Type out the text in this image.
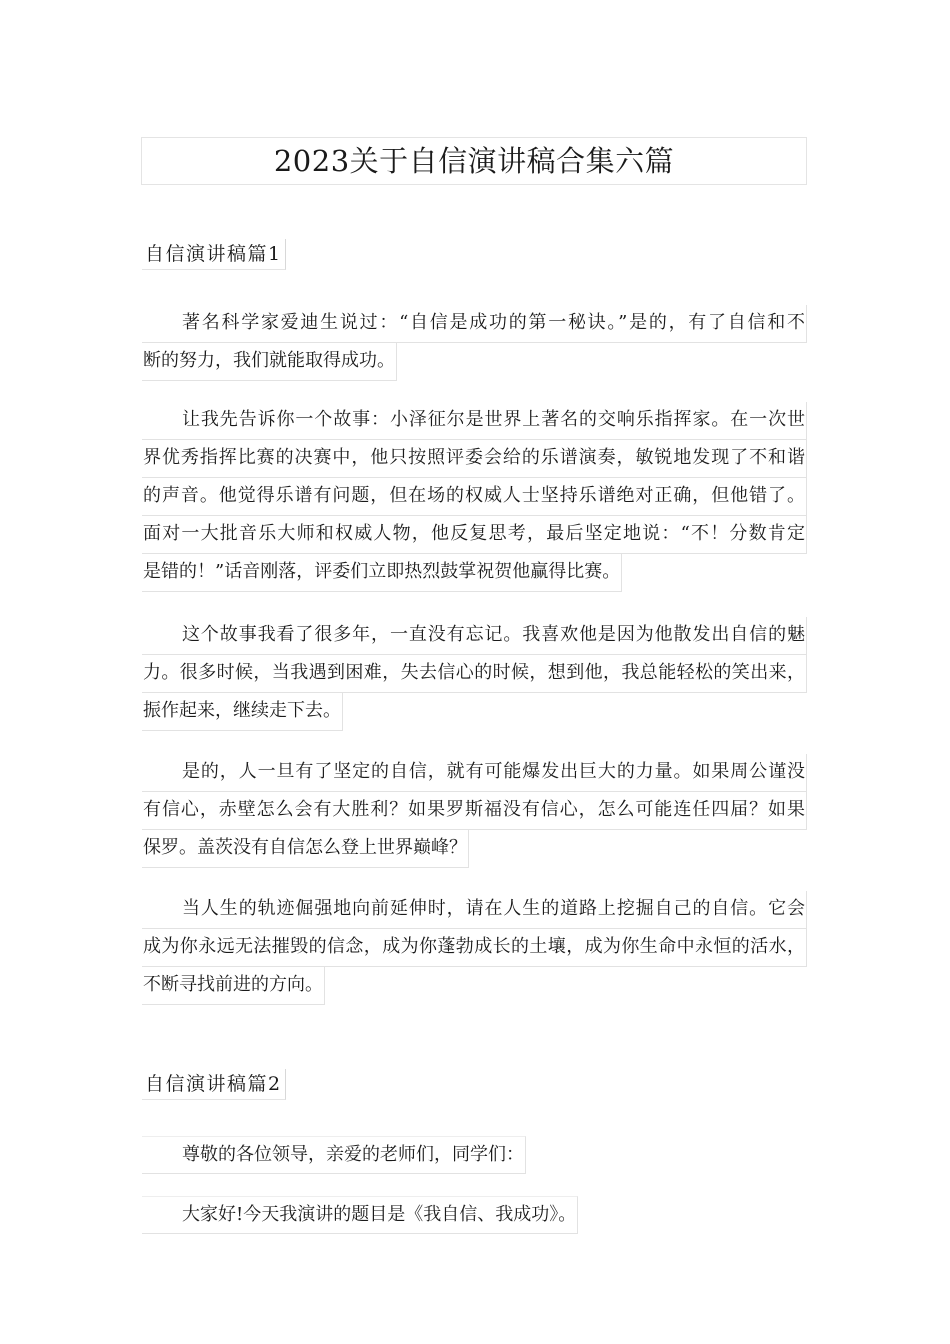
2023关于自信演讲稿合集六篇
自信演讲稿篇1
著名科学家爱迪生说过：“自信是成功的第一秘诀。”是的，有了自信和不
断的努力，我们就能取得成功。
让我先告诉你一个故事：小泽征尔是世界上著名的交响乐指挥家。在一次世
界优秀指挥比赛的决赛中，他只按照评委会给的乐谱演奏，敏锐地发现了不和谐
的声音。他觉得乐谱有问题，但在场的权威人士坚持乐谱绝对正确，但他错了。
面对一大批音乐大师和权威人物，他反复思考，最后坚定地说：“不！分数肯定
是错的！”话音刚落，评委们立即热烈鼓掌祝贺他赢得比赛。
这个故事我看了很多年，一直没有忘记。我喜欢他是因为他散发出自信的魅
力。很多时候，当我遇到困难，失去信心的时候，想到他，我总能轻松的笑出来，
振作起来，继续走下去。
是的，人一旦有了坚定的自信，就有可能爆发出巨大的力量。如果周公谨没
有信心，赤壁怎么会有大胜利？如果罗斯福没有信心，怎么可能连任四届？如果
保罗。盖茨没有自信怎么登上世界巅峰？
当人生的轨迹倔强地向前延伸时，请在人生的道路上挖掘自己的自信。它会
成为你永远无法摧毁的信念，成为你蓬勃成长的土壤，成为你生命中永恒的活水，
不断寻找前进的方向。
自信演讲稿篇2
尊敬的各位领导，亲爱的老师们，同学们：
大家好!今天我演讲的题目是《我自信、我成功》。
